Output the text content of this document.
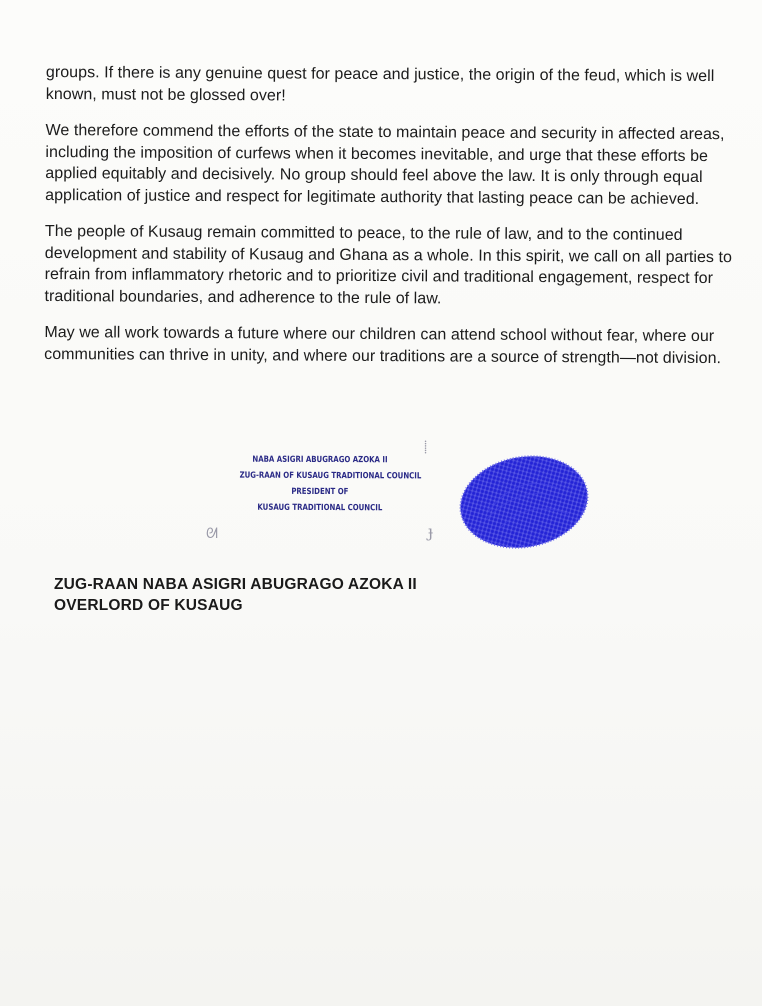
groups. If there is any genuine quest for peace and justice, the origin of the feud, which is well known, must not be glossed over!

We therefore commend the efforts of the state to maintain peace and security in affected areas, including the imposition of curfews when it becomes inevitable, and urge that these efforts be applied equitably and decisively. No group should feel above the law. It is only through equal application of justice and respect for legitimate authority that lasting peace can be achieved.

The people of Kusaug remain committed to peace, to the rule of law, and to the continued development and stability of Kusaug and Ghana as a whole. In this spirit, we call on all parties to refrain from inflammatory rhetoric and to prioritize civil and traditional engagement, respect for traditional boundaries, and adherence to the rule of law.

May we all work towards a future where our children can attend school without fear, where our communities can thrive in unity, and where our traditions are a source of strength—not division.

NABA ASIGRI ABUGRAGO AZOKA II
ZUG-RAAN OF KUSAUG TRADITIONAL COUNCIL
PRESIDENT OF
KUSAUG TRADITIONAL COUNCIL
ᘛ
⸽
ɟ
ZUG-RAAN NABA ASIGRI ABUGRAGO AZOKA II
OVERLORD OF KUSAUG
